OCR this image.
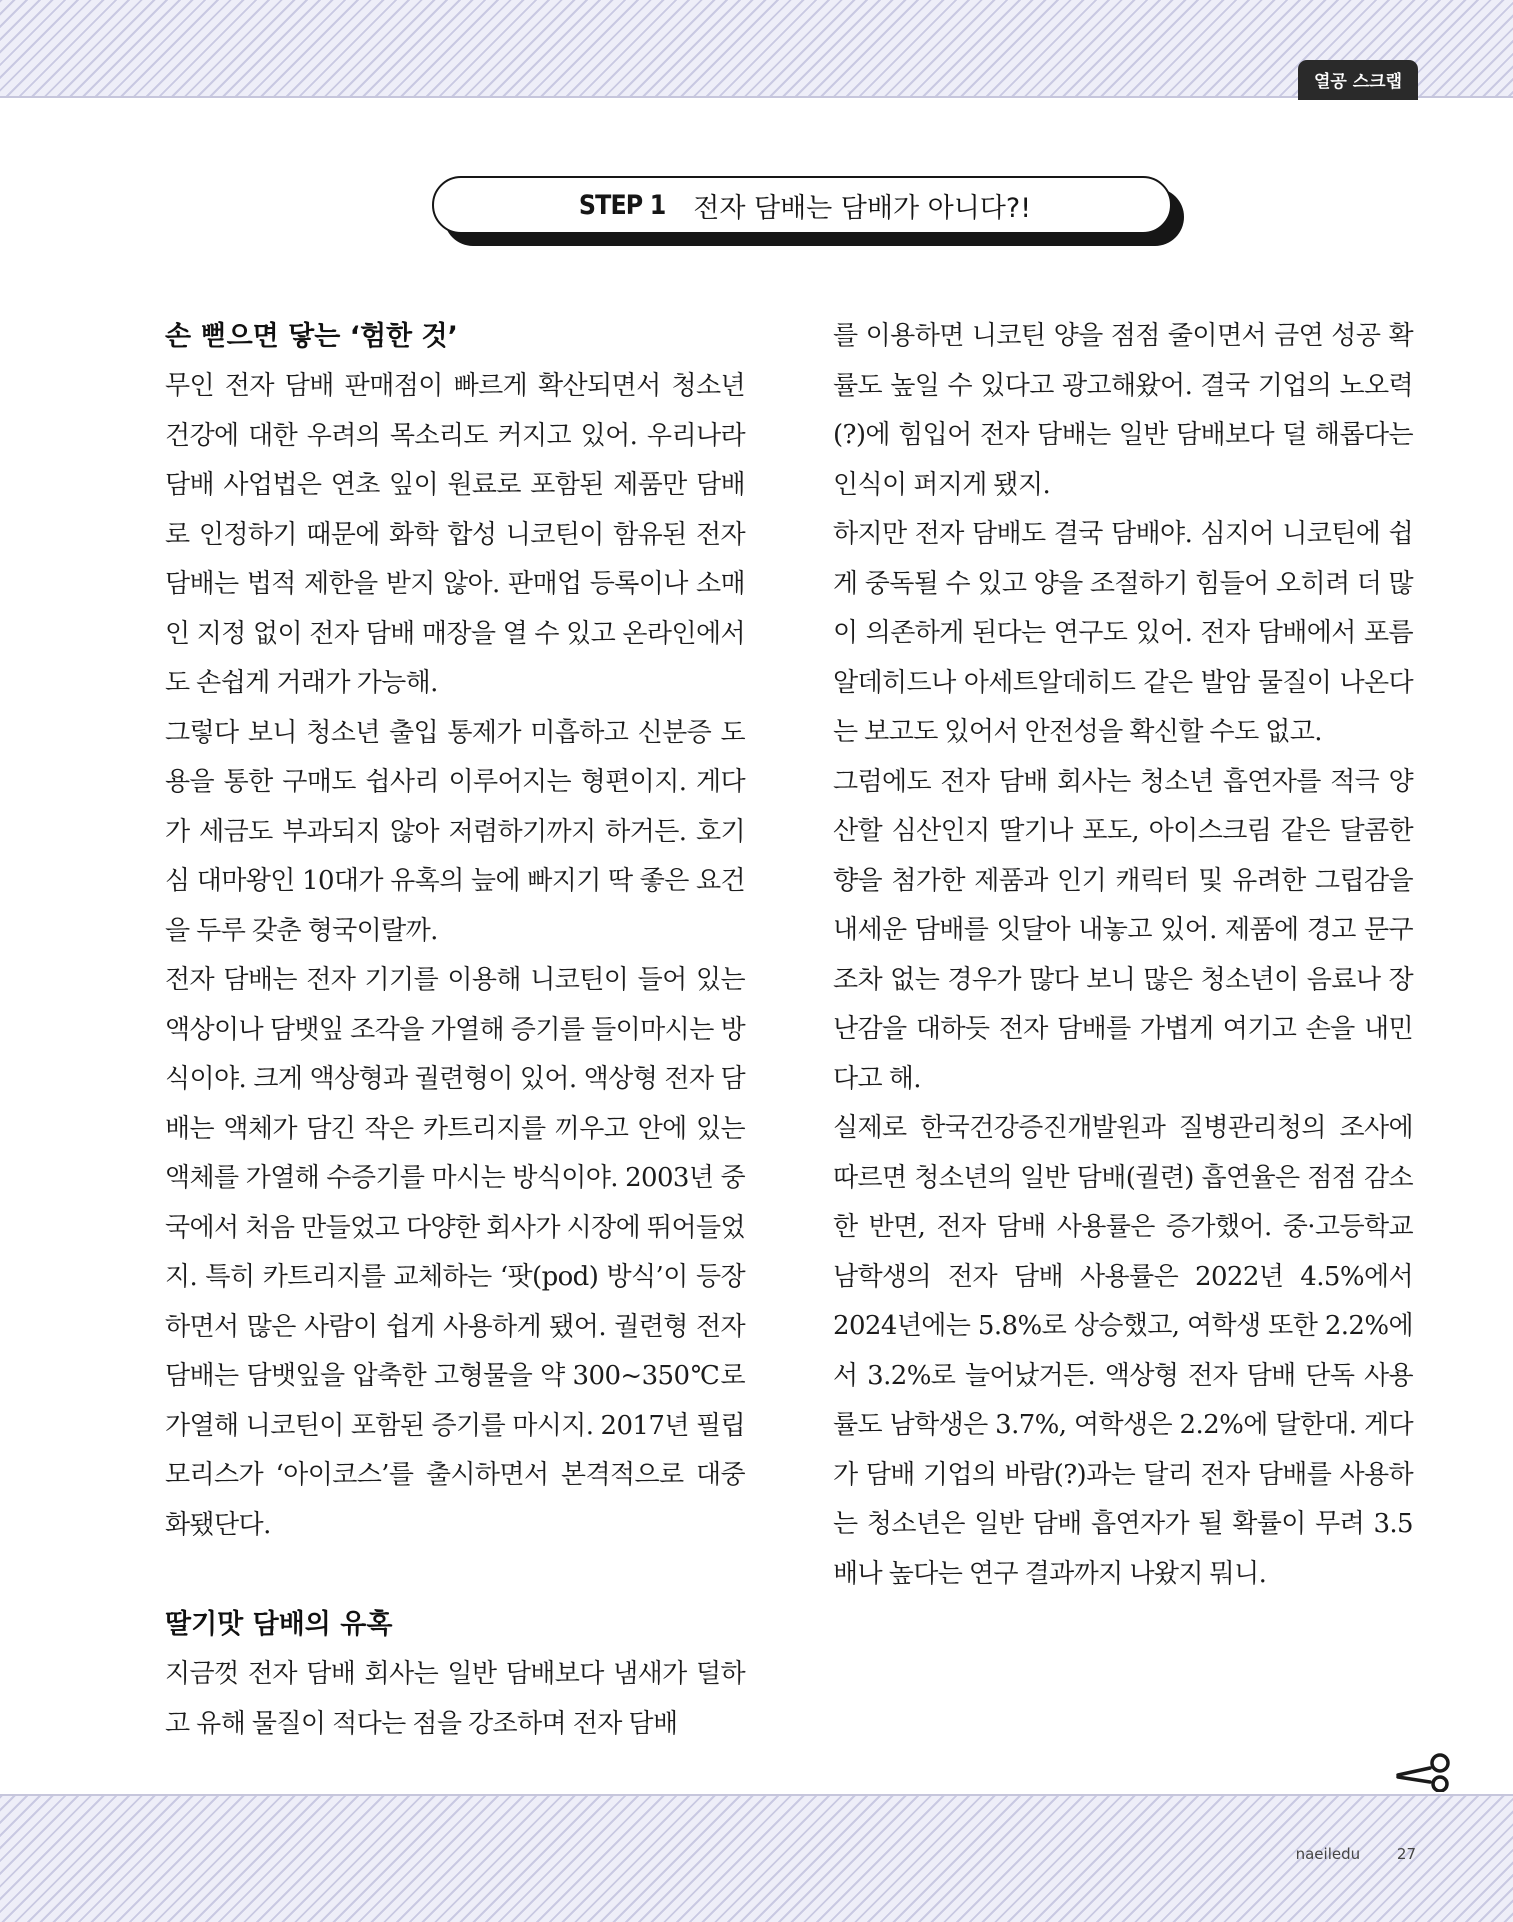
열공 스크랩
STEP 1 전자 담배는 담배가 아니다?!
손 뻗으면 닿는 ‘험한 것’

무인 전자 담배 판매점이 빠르게 확산되면서 청소년 건강에 대한 우려의 목소리도 커지고 있어. 우리나라 담배 사업법은 연초 잎이 원료로 포함된 제품만 담배로 인정하기 때문에 화학 합성 니코틴이 함유된 전자 담배는 법적 제한을 받지 않아. 판매업 등록이나 소매인 지정 없이 전자 담배 매장을 열 수 있고 온라인에서도 손쉽게 거래가 가능해.

그렇다 보니 청소년 출입 통제가 미흡하고 신분증 도용을 통한 구매도 쉽사리 이루어지는 형편이지. 게다가 세금도 부과되지 않아 저렴하기까지 하거든. 호기심 대마왕인 10대가 유혹의 늪에 빠지기 딱 좋은 요건을 두루 갖춘 형국이랄까.

전자 담배는 전자 기기를 이용해 니코틴이 들어 있는 액상이나 담뱃잎 조각을 가열해 증기를 들이마시는 방식이야. 크게 액상형과 궐련형이 있어. 액상형 전자 담배는 액체가 담긴 작은 카트리지를 끼우고 안에 있는 액체를 가열해 수증기를 마시는 방식이야. 2003년 중국에서 처음 만들었고 다양한 회사가 시장에 뛰어들었지. 특히 카트리지를 교체하는 ‘팟(pod) 방식’이 등장하면서 많은 사람이 쉽게 사용하게 됐어. 궐련형 전자 담배는 담뱃잎을 압축한 고형물을 약 300~350℃로 가열해 니코틴이 포함된 증기를 마시지. 2017년 필립모리스가 ‘아이코스’를 출시하면서 본격적으로 대중화됐단다.

딸기맛 담배의 유혹

지금껏 전자 담배 회사는 일반 담배보다 냄새가 덜하고 유해 물질이 적다는 점을 강조하며 전자 담배

를 이용하면 니코틴 양을 점점 줄이면서 금연 성공 확률도 높일 수 있다고 광고해왔어. 결국 기업의 노오력(?)에 힘입어 전자 담배는 일반 담배보다 덜 해롭다는 인식이 퍼지게 됐지.

하지만 전자 담배도 결국 담배야. 심지어 니코틴에 쉽게 중독될 수 있고 양을 조절하기 힘들어 오히려 더 많이 의존하게 된다는 연구도 있어. 전자 담배에서 포름알데히드나 아세트알데히드 같은 발암 물질이 나온다는 보고도 있어서 안전성을 확신할 수도 없고.

그럼에도 전자 담배 회사는 청소년 흡연자를 적극 양산할 심산인지 딸기나 포도, 아이스크림 같은 달콤한 향을 첨가한 제품과 인기 캐릭터 및 유려한 그립감을 내세운 담배를 잇달아 내놓고 있어. 제품에 경고 문구조차 없는 경우가 많다 보니 많은 청소년이 음료나 장난감을 대하듯 전자 담배를 가볍게 여기고 손을 내민다고 해.

실제로 한국건강증진개발원과 질병관리청의 조사에 따르면 청소년의 일반 담배(궐련) 흡연율은 점점 감소한 반면, 전자 담배 사용률은 증가했어. 중·고등학교 남학생의 전자 담배 사용률은 2022년 4.5%에서 2024년에는 5.8%로 상승했고, 여학생 또한 2.2%에서 3.2%로 늘어났거든. 액상형 전자 담배 단독 사용률도 남학생은 3.7%, 여학생은 2.2%에 달한대. 게다가 담배 기업의 바람(?)과는 달리 전자 담배를 사용하는 청소년은 일반 담배 흡연자가 될 확률이 무려 3.5배나 높다는 연구 결과까지 나왔지 뭐니.

naeiledu 27
